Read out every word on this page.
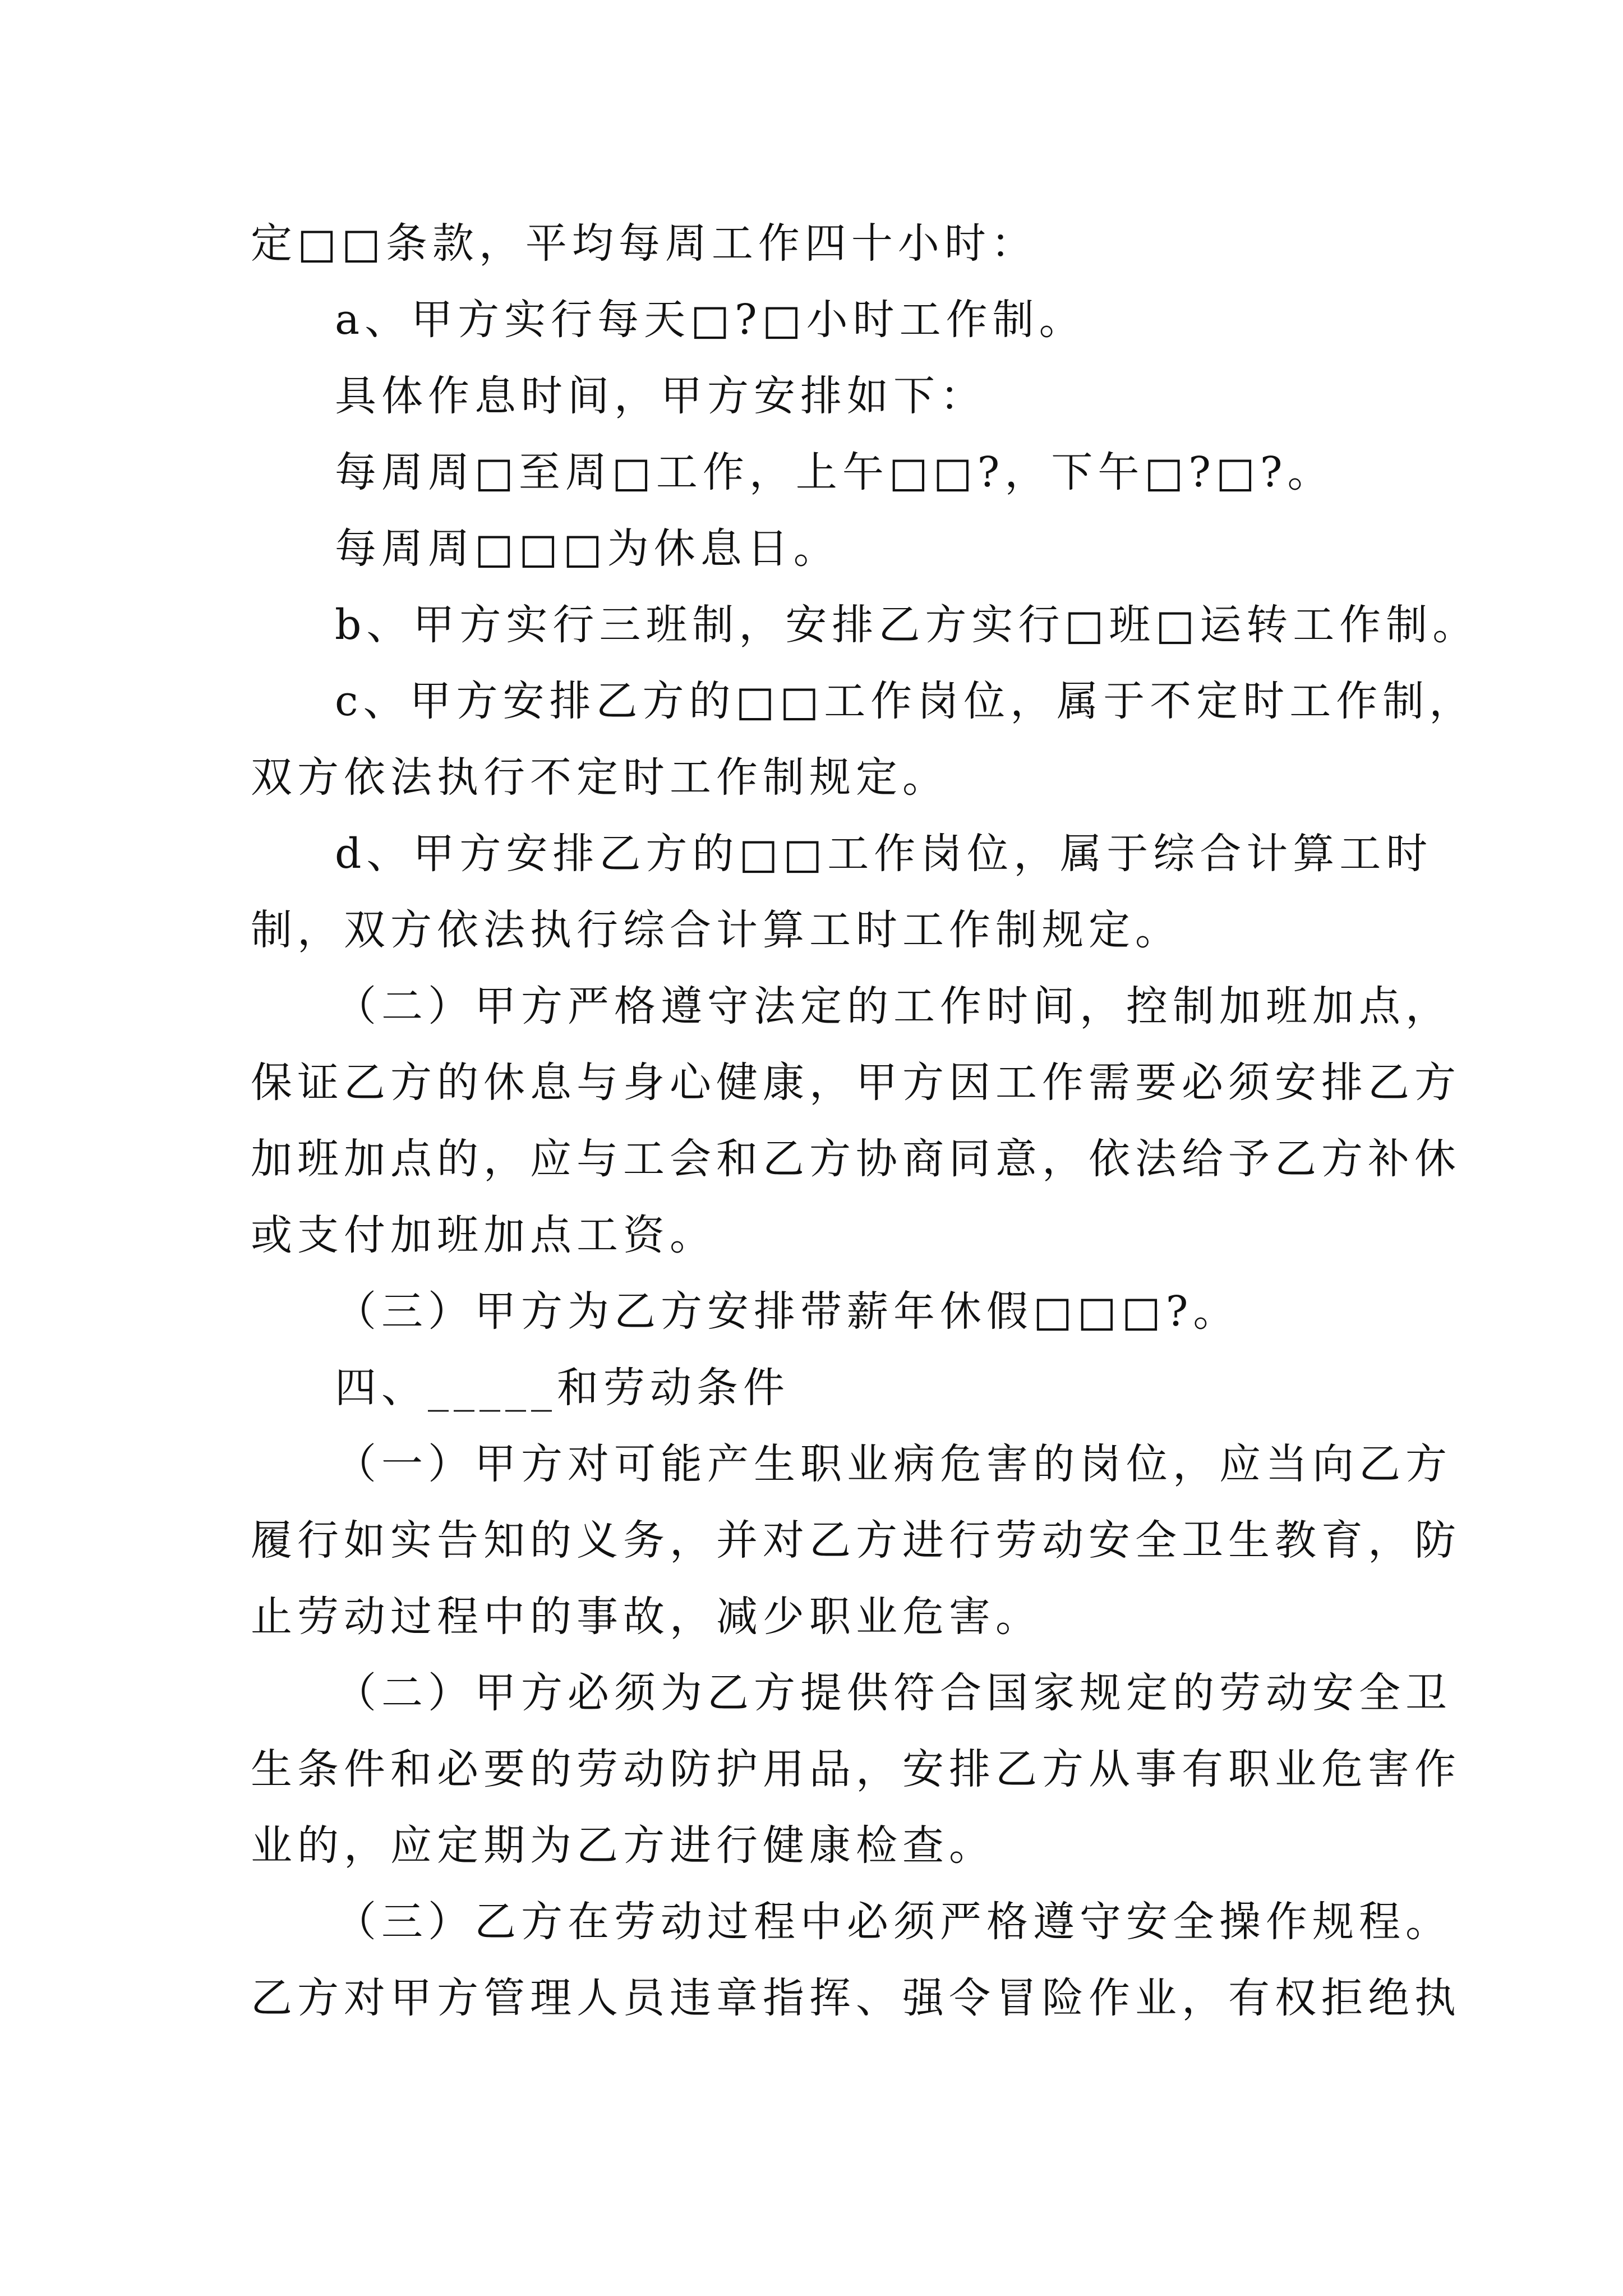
定□□条款，平均每周工作四十小时：
a、甲方实行每天□?□小时工作制。
具体作息时间，甲方安排如下：
每周周□至周□工作，上午□□?，下午□?□?。
每周周□□□为休息日。
b、甲方实行三班制，安排乙方实行□班□运转工作制。
c、甲方安排乙方的□□工作岗位，属于不定时工作制，
双方依法执行不定时工作制规定。
d、甲方安排乙方的□□工作岗位，属于综合计算工时
制，双方依法执行综合计算工时工作制规定。
（二）甲方严格遵守法定的工作时间，控制加班加点，
保证乙方的休息与身心健康，甲方因工作需要必须安排乙方
加班加点的，应与工会和乙方协商同意，依法给予乙方补休
或支付加班加点工资。
（三）甲方为乙方安排带薪年休假□□□?。
四、_____和劳动条件
（一）甲方对可能产生职业病危害的岗位，应当向乙方
履行如实告知的义务，并对乙方进行劳动安全卫生教育，防
止劳动过程中的事故，减少职业危害。
（二）甲方必须为乙方提供符合国家规定的劳动安全卫
生条件和必要的劳动防护用品，安排乙方从事有职业危害作
业的，应定期为乙方进行健康检查。
（三）乙方在劳动过程中必须严格遵守安全操作规程。
乙方对甲方管理人员违章指挥、强令冒险作业，有权拒绝执
